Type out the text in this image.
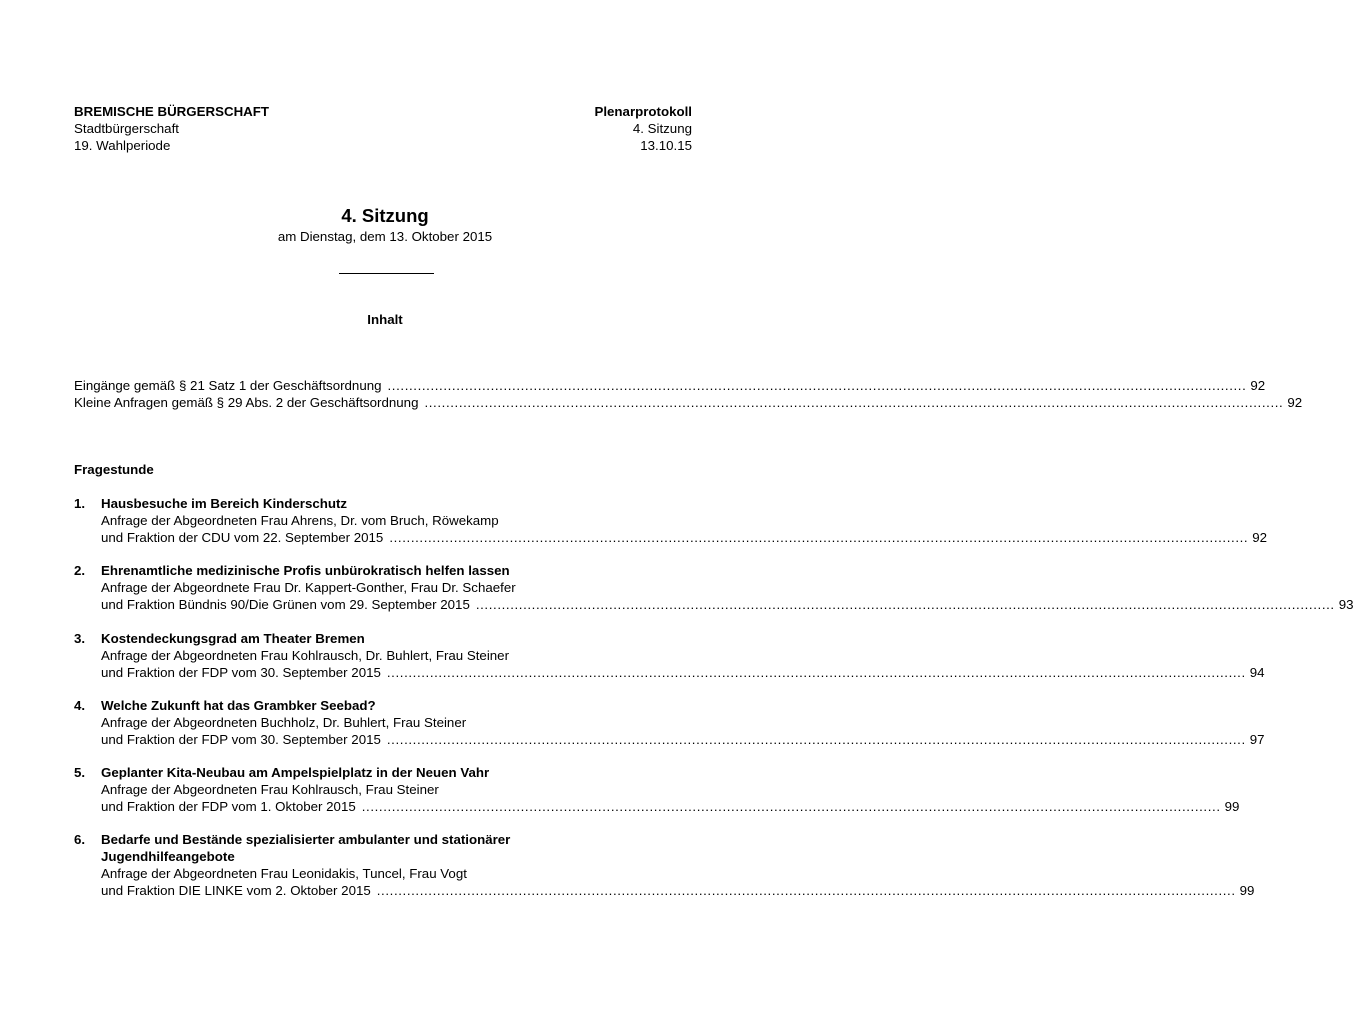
BREMISCHE BÜRGERSCHAFT
Stadtbürgerschaft
19. Wahlperiode
Plenarprotokoll
4. Sitzung
13.10.15
4. Sitzung
am Dienstag, dem 13. Oktober 2015
Inhalt
Eingänge gemäß § 21 Satz 1 der Geschäftsordnung ........................................................................................................................................................................................................ 92
Kleine Anfragen gemäß § 29 Abs. 2 der Geschäftsordnung ........................................................................................................................................................................................................ 92
Fragestunde
1. Hausbesuche im Bereich Kinderschutz
Anfrage der Abgeordneten Frau Ahrens, Dr. vom Bruch, Röwekamp
und Fraktion der CDU vom 22. September 2015 ........................................................................................................................................................................................................ 92
2. Ehrenamtliche medizinische Profis unbürokratisch helfen lassen
Anfrage der Abgeordnete Frau Dr. Kappert-Gonther, Frau Dr. Schaefer
und Fraktion Bündnis 90/Die Grünen vom 29. September 2015 ........................................................................................................................................................................................................ 93
3. Kostendeckungsgrad am Theater Bremen
Anfrage der Abgeordneten Frau Kohlrausch, Dr. Buhlert, Frau Steiner
und Fraktion der FDP vom 30. September 2015 ........................................................................................................................................................................................................ 94
4. Welche Zukunft hat das Grambker Seebad?
Anfrage der Abgeordneten Buchholz, Dr. Buhlert, Frau Steiner
und Fraktion der FDP vom 30. September 2015 ........................................................................................................................................................................................................ 97
5. Geplanter Kita-Neubau am Ampelspielplatz in der Neuen Vahr
Anfrage der Abgeordneten Frau Kohlrausch, Frau Steiner
und Fraktion der FDP vom 1. Oktober 2015 ........................................................................................................................................................................................................ 99
6. Bedarfe und Bestände spezialisierter ambulanter und stationärer
Jugendhilfeangebote
Anfrage der Abgeordneten Frau Leonidakis, Tuncel, Frau Vogt
und Fraktion DIE LINKE vom 2. Oktober 2015 ........................................................................................................................................................................................................ 99
